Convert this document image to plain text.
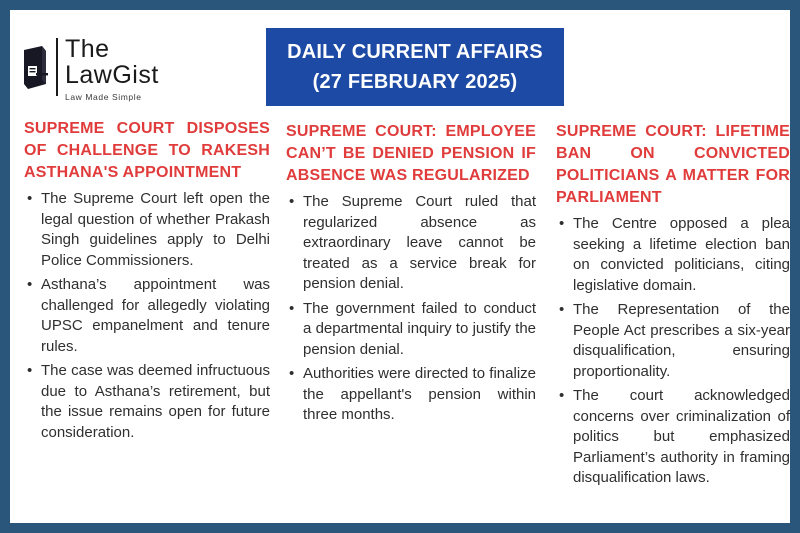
The
LawGist
Law Made Simple
DAILY CURRENT AFFAIRS
(27 FEBRUARY 2025)
SUPREME COURT DISPOSES OF CHALLENGE TO RAKESH ASTHANA'S APPOINTMENT
• The Supreme Court left open the legal question of whether Prakash Singh guidelines apply to Delhi Police Commissioners.
• Asthana’s appointment was challenged for allegedly violating UPSC empanelment and tenure rules.
• The case was deemed infructuous due to Asthana’s retirement, but the issue remains open for future consideration.
SUPREME COURT: EMPLOYEE CAN’T BE DENIED PENSION IF ABSENCE WAS REGULARIZED
• The Supreme Court ruled that regularized absence as extraordinary leave cannot be treated as a service break for pension denial.
• The government failed to conduct a departmental inquiry to justify the pension denial.
• Authorities were directed to finalize the appellant's pension within three months.
SUPREME COURT: LIFETIME BAN ON CONVICTED POLITICIANS A MATTER FOR PARLIAMENT
• The Centre opposed a plea seeking a lifetime election ban on convicted politicians, citing legislative domain.
• The Representation of the People Act prescribes a six-year disqualification, ensuring proportionality.
• The court acknowledged concerns over criminalization of politics but emphasized Parliament’s authority in framing disqualification laws.
